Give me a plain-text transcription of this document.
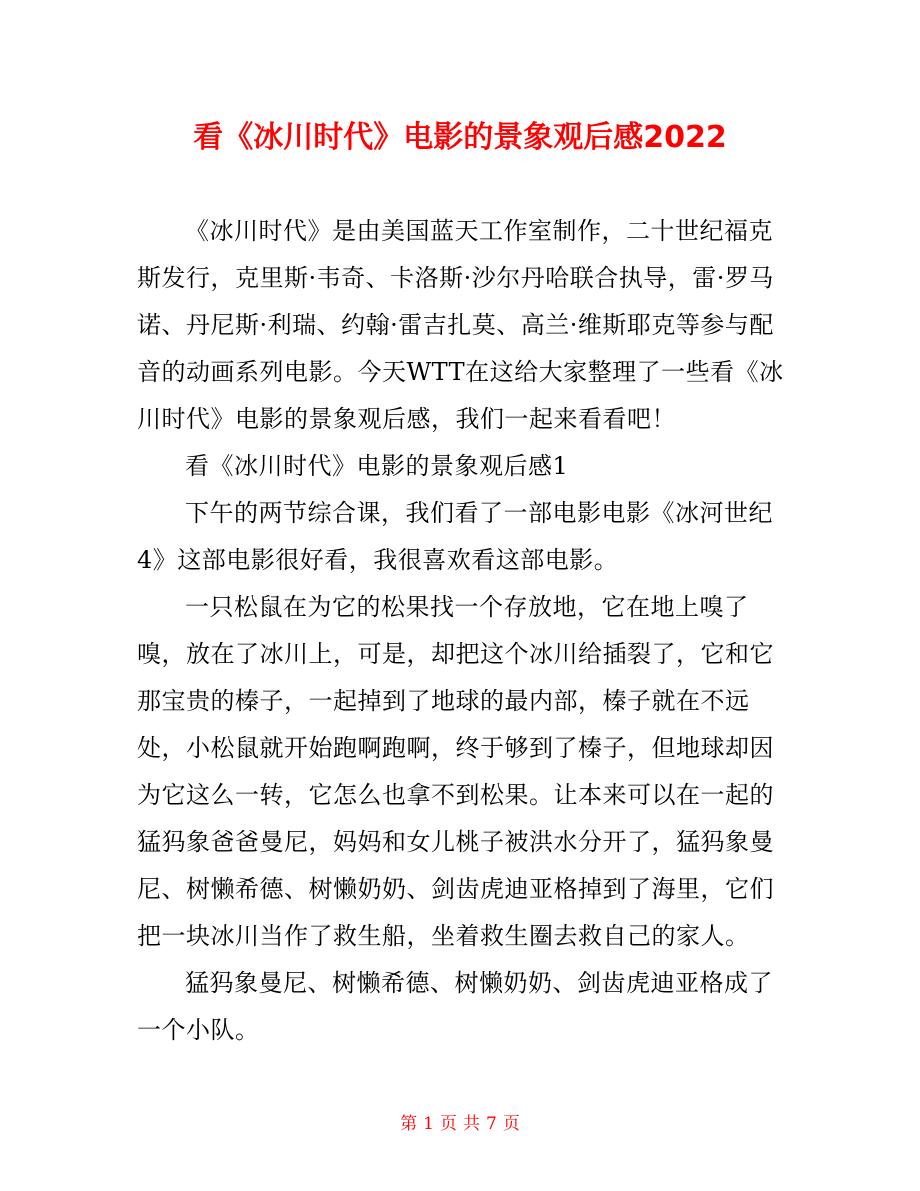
看《冰川时代》电影的景象观后感2022

《冰川时代》是由美国蓝天工作室制作，二十世纪福克斯发行，克里斯·韦奇、卡洛斯·沙尔丹哈联合执导，雷·罗马诺、丹尼斯·利瑞、约翰·雷吉扎莫、高兰·维斯耶克等参与配音的动画系列电影。今天WTT在这给大家整理了一些看《冰川时代》电影的景象观后感，我们一起来看看吧！

看《冰川时代》电影的景象观后感1

下午的两节综合课，我们看了一部电影电影《冰河世纪4》这部电影很好看，我很喜欢看这部电影。

一只松鼠在为它的松果找一个存放地，它在地上嗅了嗅，放在了冰川上，可是，却把这个冰川给插裂了，它和它那宝贵的榛子，一起掉到了地球的最内部，榛子就在不远处，小松鼠就开始跑啊跑啊，终于够到了榛子，但地球却因为它这么一转，它怎么也拿不到松果。让本来可以在一起的猛犸象爸爸曼尼，妈妈和女儿桃子被洪水分开了，猛犸象曼尼、树懒希德、树懒奶奶、剑齿虎迪亚格掉到了海里，它们把一块冰川当作了救生船，坐着救生圈去救自己的家人。

猛犸象曼尼、树懒希德、树懒奶奶、剑齿虎迪亚格成了一个小队。

第 1 页 共 7 页
